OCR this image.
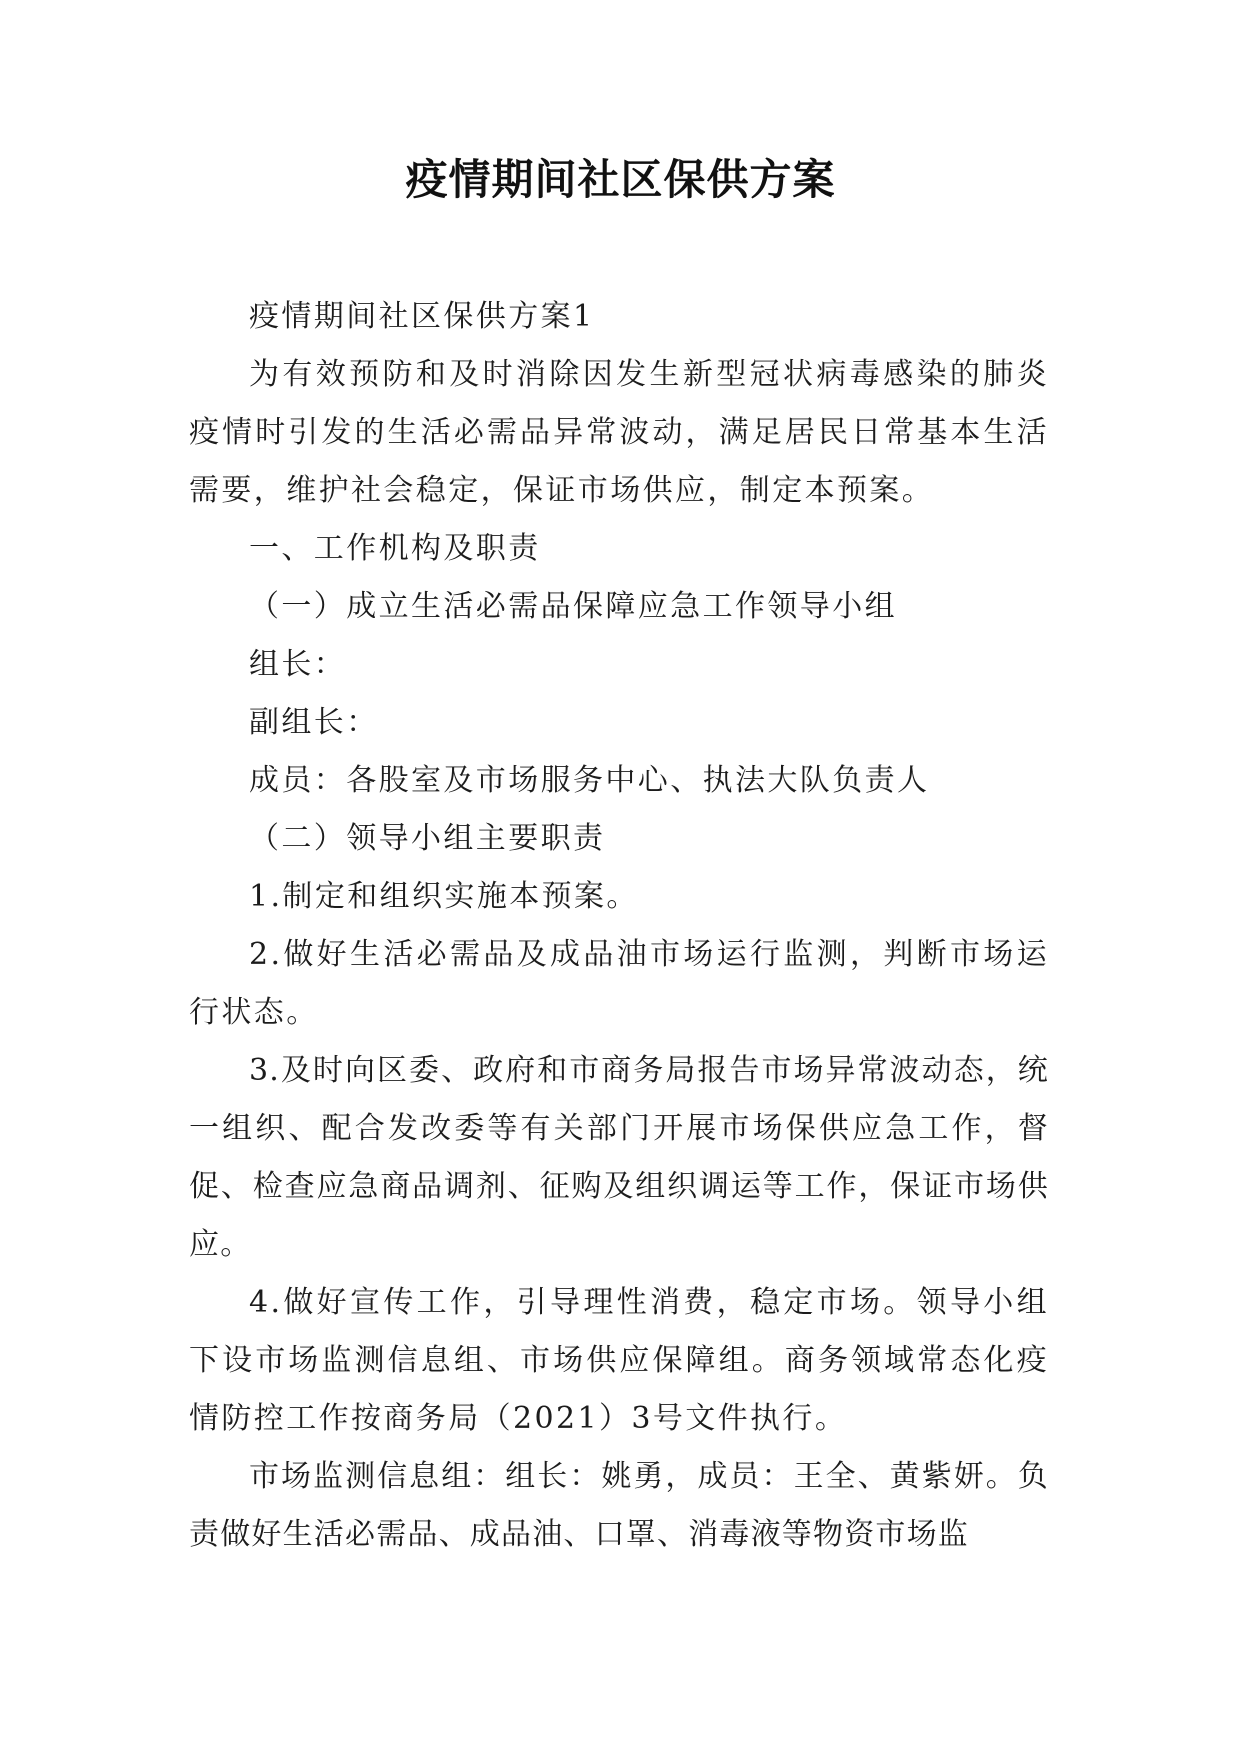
疫情期间社区保供方案

疫情期间社区保供方案1

为有效预防和及时消除因发生新型冠状病毒感染的肺炎疫情时引发的生活必需品异常波动，满足居民日常基本生活需要，维护社会稳定，保证市场供应，制定本预案。

一、工作机构及职责

（一）成立生活必需品保障应急工作领导小组

组长：

副组长：

成员：各股室及市场服务中心、执法大队负责人

（二）领导小组主要职责

1.制定和组织实施本预案。

2.做好生活必需品及成品油市场运行监测，判断市场运行状态。

3.及时向区委、政府和市商务局报告市场异常波动态，统一组织、配合发改委等有关部门开展市场保供应急工作，督促、检查应急商品调剂、征购及组织调运等工作，保证市场供应。

4.做好宣传工作，引导理性消费，稳定市场。领导小组下设市场监测信息组、市场供应保障组。商务领域常态化疫情防控工作按商务局（2021）3号文件执行。

市场监测信息组：组长：姚勇，成员：王全、黄紫妍。负责做好生活必需品、成品油、口罩、消毒液等物资市场监
